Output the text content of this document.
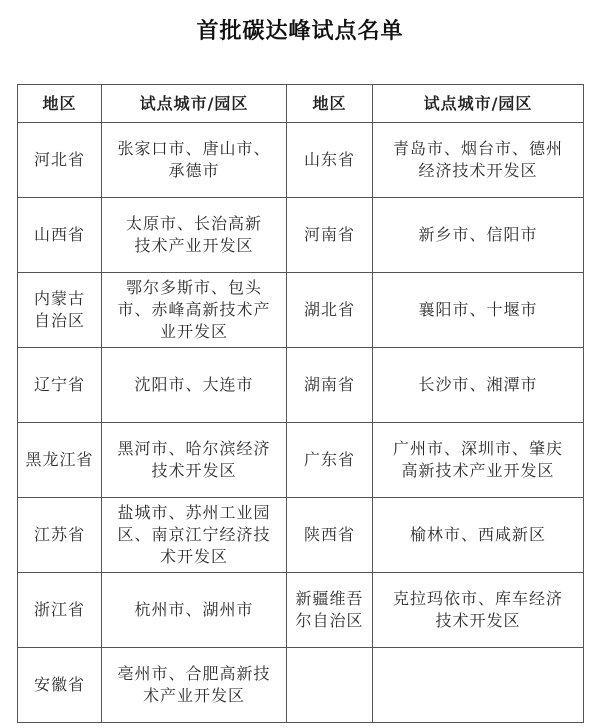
首批碳达峰试点名单
地区	试点城市/园区	地区	试点城市/园区

河北省	张家口市、唐山市、承德市	山东省	青岛市、烟台市、德州经济技术开发区

山西省	太原市、长治高新技术产业开发区	河南省	新乡市、信阳市

内蒙古自治区	鄂尔多斯市、包头市、赤峰高新技术产业开发区	湖北省	襄阳市、十堰市

辽宁省	沈阳市、大连市	湖南省	长沙市、湘潭市

黑龙江省	黑河市、哈尔滨经济技术开发区	广东省	广州市、深圳市、肇庆高新技术产业开发区

江苏省	盐城市、苏州工业园区、南京江宁经济技术开发区	陕西省	榆林市、西咸新区

浙江省	杭州市、湖州市	新疆维吾尔自治区	克拉玛依市、库车经济技术开发区

安徽省	亳州市、合肥高新技术产业开发区		
